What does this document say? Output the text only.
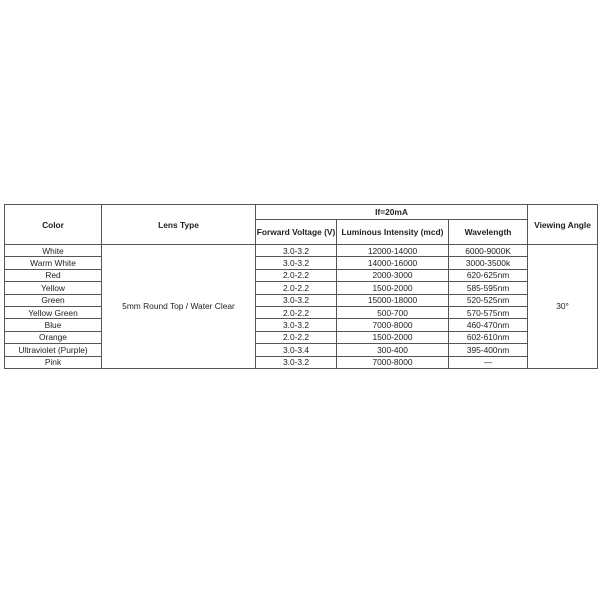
Color	Lens Type	If=20mA			Viewing Angle
		Forward Voltage (V)	Luminous Intensity (mcd)	Wavelength	
White	5mm Round Top / Water Clear	3.0-3.2	12000-14000	6000-9000K	30°
Warm White		3.0-3.2	14000-16000	3000-3500k	
Red		2.0-2.2	2000-3000	620-625nm	
Yellow		2.0-2.2	1500-2000	585-595nm	
Green		3.0-3.2	15000-18000	520-525nm	
Yellow Green		2.0-2.2	500-700	570-575nm	
Blue		3.0-3.2	7000-8000	460-470nm	
Orange		2.0-2.2	1500-2000	602-610nm	
Ultraviolet (Purple)		3.0-3.4	300-400	395-400nm	
Pink		3.0-3.2	7000-8000	—	
